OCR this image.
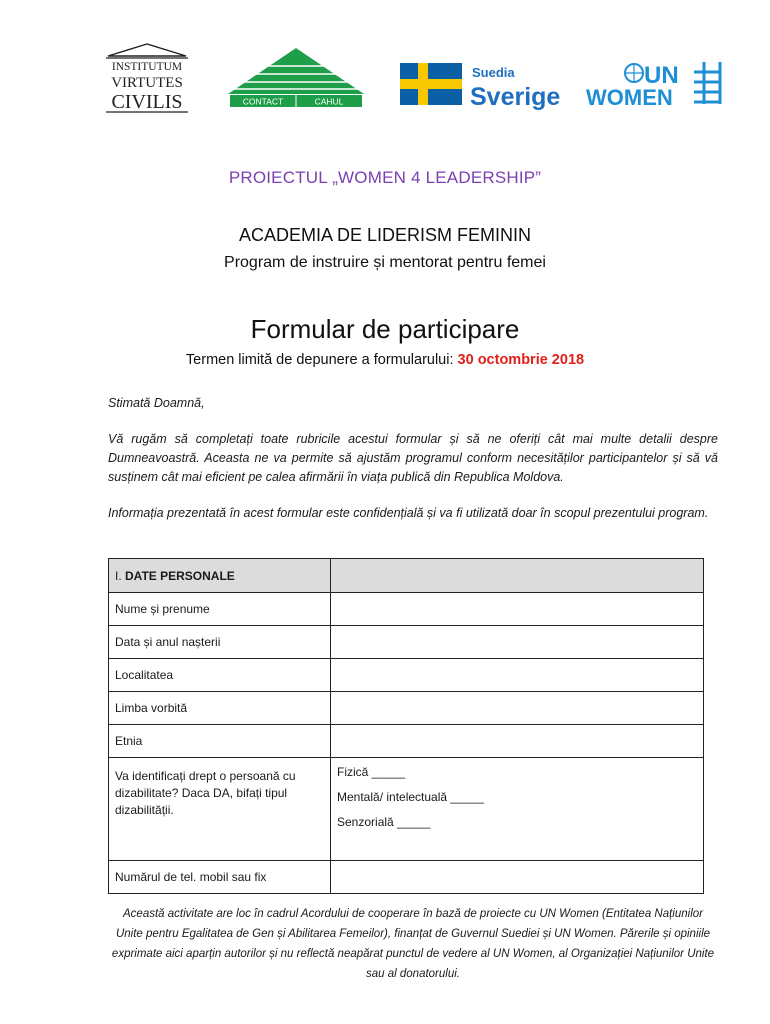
INSTITUTUM
VIRTUTES
CIVILIS	CONTACT	CAHUL
Suedia
Sverige
UN
WOMEN
PROIECTUL „WOMEN 4 LEADERSHIP”
ACADEMIA DE LIDERISM FEMININ
Program de instruire și mentorat pentru femei
Formular de participare
Termen limită de depunere a formularului: 30 octombrie 2018
Stimată Doamnă,
Vă rugăm să completați toate rubricile acestui formular și să ne oferiți cât mai multe detalii despre Dumneavoastră. Aceasta ne va permite să ajustăm programul conform necesităților participantelor și să vă susținem cât mai eficient pe calea afirmării în viața publică din Republica Moldova.
Informația prezentată în acest formular este confidențială și va fi utilizată doar în scopul prezentului program.
I. DATE PERSONALE	
Nume și prenume	
Data și anul nașterii	
Localitatea	
Limba vorbită	
Etnia	
Va identificați drept o persoană cu dizabilitate? Daca DA, bifați tipul dizabilității.	Fizică _____
Mentală/ intelectuală _____
Senzorială _____

Numărul de tel. mobil sau fix	
Această activitate are loc în cadrul Acordului de cooperare în bază de proiecte cu UN Women (Entitatea Națiunilor Unite pentru Egalitatea de Gen și Abilitarea Femeilor), finanțat de Guvernul Suediei și UN Women. Părerile și opiniile exprimate aici aparțin autorilor și nu reflectă neapărat punctul de vedere al UN Women, al Organizației Națiunilor Unite sau al donatorului.
